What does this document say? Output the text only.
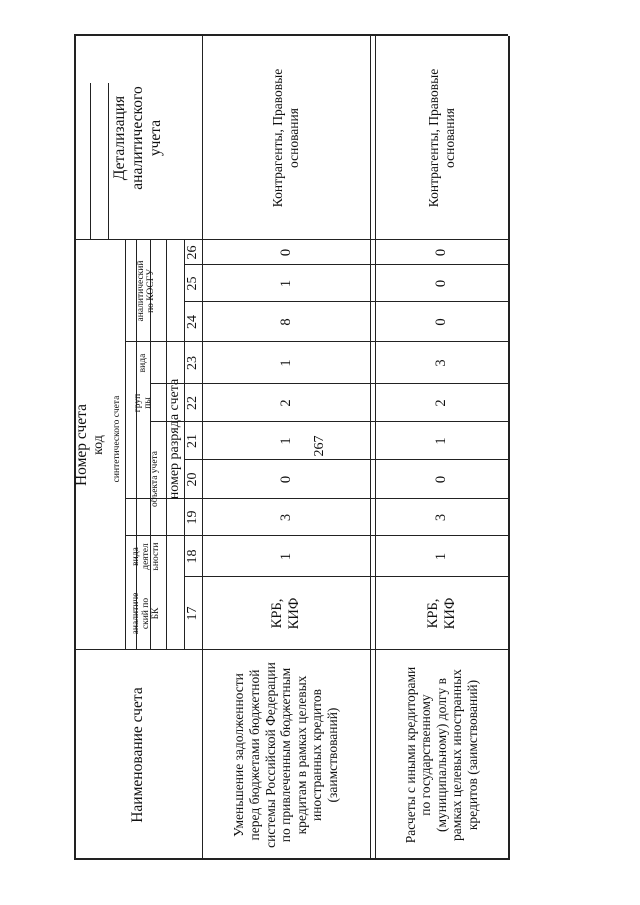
267
Наименование счета
Номер счета код
аналитиче ский по БК
вида деятел ьности
синтетического счета	объекта учета
груп пы
вида
аналитический по КОСГУ
номер разряда счета
Детализация аналитического учета
17
18
19
20
21
22
23
24
25
26
Уменьшение задолженности перед бюджетами бюджетной системы Российской Федерации по привлеченным бюджетным кредитам в рамках целевых иностранных кредитов (заимствований)
КРБ, КИФ
1
3
0
1
2
1
8
1
0
Контрагенты, Правовые основания
Расчеты с иными кредиторами по государственному (муниципальному) долгу в рамках целевых иностранных кредитов (заимствований)
КРБ, КИФ
1
3
0
1
2
3
0
0
0
Контрагенты, Правовые основания
